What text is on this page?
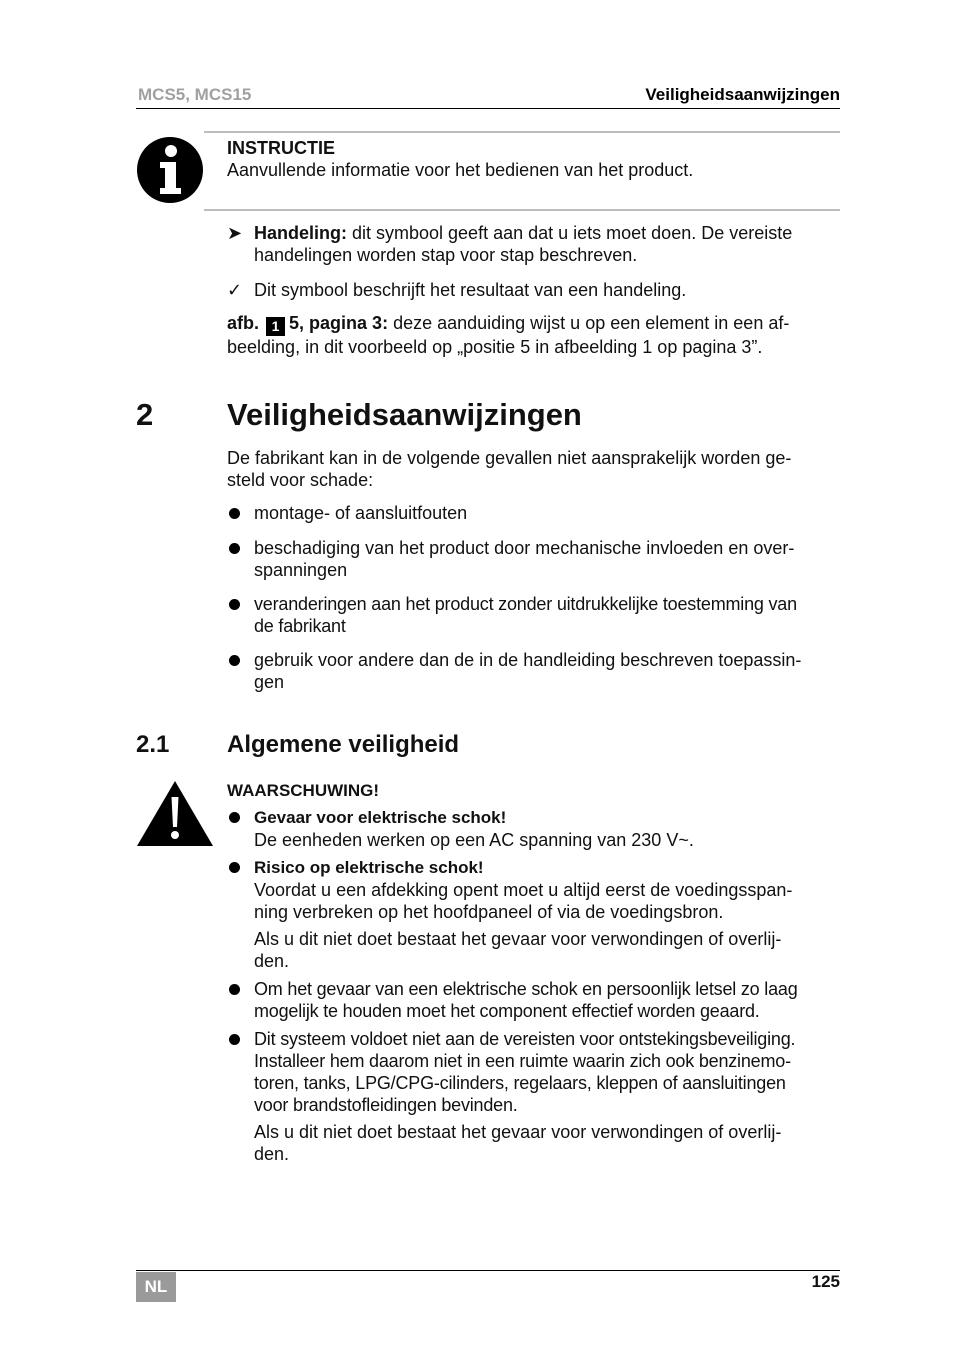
MCS5, MCS15	Veiligheidsaanwijzingen
INSTRUCTIE
Aanvullende informatie voor het bedienen van het product.
➤ Handeling: dit symbool geeft aan dat u iets moet doen. De vereiste
handelingen worden stap voor stap beschreven.
✓ Dit symbool beschrijft het resultaat van een handeling.
afb. 1 5, pagina 3: deze aanduiding wijst u op een element in een af-
beelding, in dit voorbeeld op „positie 5 in afbeelding 1 op pagina 3”.
2 Veiligheidsaanwijzingen
De fabrikant kan in de volgende gevallen niet aansprakelijk worden ge-
steld voor schade:
montage- of aansluitfouten
beschadiging van het product door mechanische invloeden en over-
spanningen
veranderingen aan het product zonder uitdrukkelijke toestemming van
de fabrikant
gebruik voor andere dan de in de handleiding beschreven toepassin-
gen
2.1 Algemene veiligheid
WAARSCHUWING!
Gevaar voor elektrische schok!
De eenheden werken op een AC spanning van 230 V~.
Risico op elektrische schok!
Voordat u een afdekking opent moet u altijd eerst de voedingsspan-
ning verbreken op het hoofdpaneel of via de voedingsbron.
Als u dit niet doet bestaat het gevaar voor verwondingen of overlij-
den.
Om het gevaar van een elektrische schok en persoonlijk letsel zo laag
mogelijk te houden moet het component effectief worden geaard.
Dit systeem voldoet niet aan de vereisten voor ontstekingsbeveiliging.
Installeer hem daarom niet in een ruimte waarin zich ook benzinemo-
toren, tanks, LPG/CPG-cilinders, regelaars, kleppen of aansluitingen
voor brandstofleidingen bevinden.
Als u dit niet doet bestaat het gevaar voor verwondingen of overlij-
den.
NL	125
